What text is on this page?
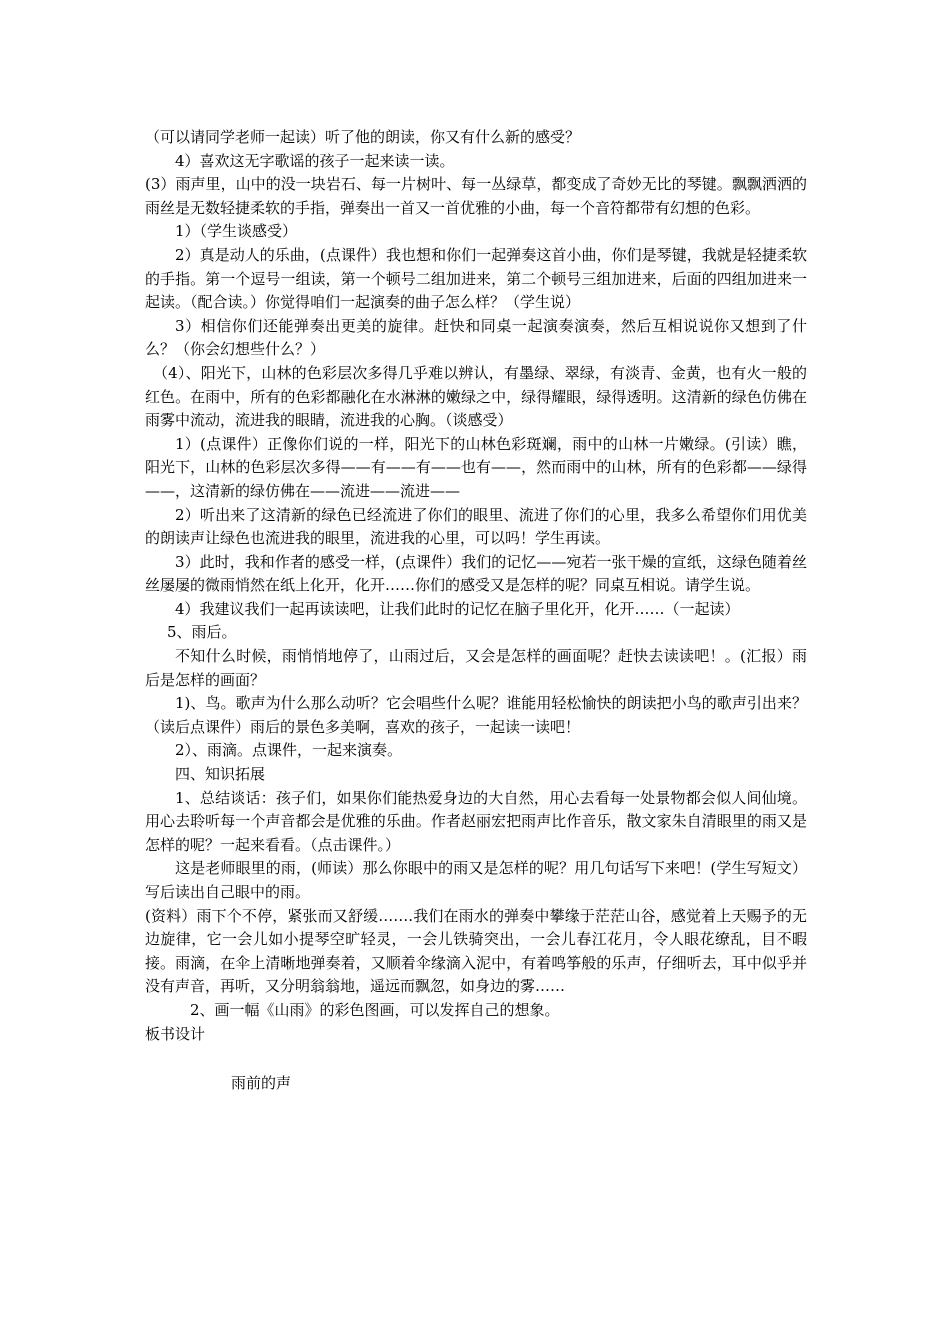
（可以请同学老师一起读）听了他的朗读，你又有什么新的感受？

4）喜欢这无字歌谣的孩子一起来读一读。

(3）雨声里，山中的没一块岩石、每一片树叶、每一丛绿草，都变成了奇妙无比的琴键。飘飘洒洒的雨丝是无数轻捷柔软的手指，弹奏出一首又一首优雅的小曲，每一个音符都带有幻想的色彩。

1）（学生谈感受）

2）真是动人的乐曲，(点课件）我也想和你们一起弹奏这首小曲，你们是琴键，我就是轻捷柔软的手指。第一个逗号一组读，第一个顿号二组加进来，第二个顿号三组加进来，后面的四组加进来一起读。（配合读。）你觉得咱们一起演奏的曲子怎么样？（学生说）

3）相信你们还能弹奏出更美的旋律。赶快和同桌一起演奏演奏，然后互相说说你又想到了什么？（你会幻想些什么？）

（4）、阳光下，山林的色彩层次多得几乎难以辨认，有墨绿、翠绿，有淡青、金黄，也有火一般的红色。在雨中，所有的色彩都融化在水淋淋的嫩绿之中，绿得耀眼，绿得透明。这清新的绿色仿佛在雨雾中流动，流进我的眼睛，流进我的心胸。（谈感受）

1）(点课件）正像你们说的一样，阳光下的山林色彩斑斓，雨中的山林一片嫩绿。(引读）瞧，阳光下，山林的色彩层次多得——有——有——也有——，然而雨中的山林，所有的色彩都——绿得——，这清新的绿仿佛在——流进——流进——

2）听出来了这清新的绿色已经流进了你们的眼里、流进了你们的心里，我多么希望你们用优美的朗读声让绿色也流进我的眼里，流进我的心里，可以吗！学生再读。

3）此时，我和作者的感受一样，(点课件）我们的记忆——宛若一张干燥的宣纸，这绿色随着丝丝屡屡的微雨悄然在纸上化开，化开……你们的感受又是怎样的呢？同桌互相说。请学生说。

4）我建议我们一起再读读吧，让我们此时的记忆在脑子里化开，化开……（一起读）

5、雨后。

不知什么时候，雨悄悄地停了，山雨过后，又会是怎样的画面呢？赶快去读读吧！。(汇报）雨后是怎样的画面？

1)、鸟。歌声为什么那么动听？它会唱些什么呢？谁能用轻松愉快的朗读把小鸟的歌声引出来？（读后点课件）雨后的景色多美啊，喜欢的孩子，一起读一读吧！

2）、雨滴。点课件，一起来演奏。

四、知识拓展

1、总结谈话：孩子们，如果你们能热爱身边的大自然，用心去看每一处景物都会似人间仙境。用心去聆听每一个声音都会是优雅的乐曲。作者赵丽宏把雨声比作音乐，散文家朱自清眼里的雨又是怎样的呢？一起来看看。（点击课件。）

这是老师眼里的雨，(师读）那么你眼中的雨又是怎样的呢？用几句话写下来吧！(学生写短文）写后读出自己眼中的雨。

(资料）雨下个不停，紧张而又舒缓…….我们在雨水的弹奏中攀缘于茫茫山谷，感觉着上天赐予的无边旋律，它一会儿如小提琴空旷轻灵，一会儿铁骑突出，一会儿春江花月，令人眼花缭乱，目不暇接。雨滴，在伞上清晰地弹奏着，又顺着伞缘滴入泥中，有着鸣筝般的乐声，仔细听去，耳中似乎并没有声音，再听，又分明翁翁地，遥远而飘忽，如身边的雾……

2、画一幅《山雨》的彩色图画，可以发挥自己的想象。

板书设计

雨前的声
